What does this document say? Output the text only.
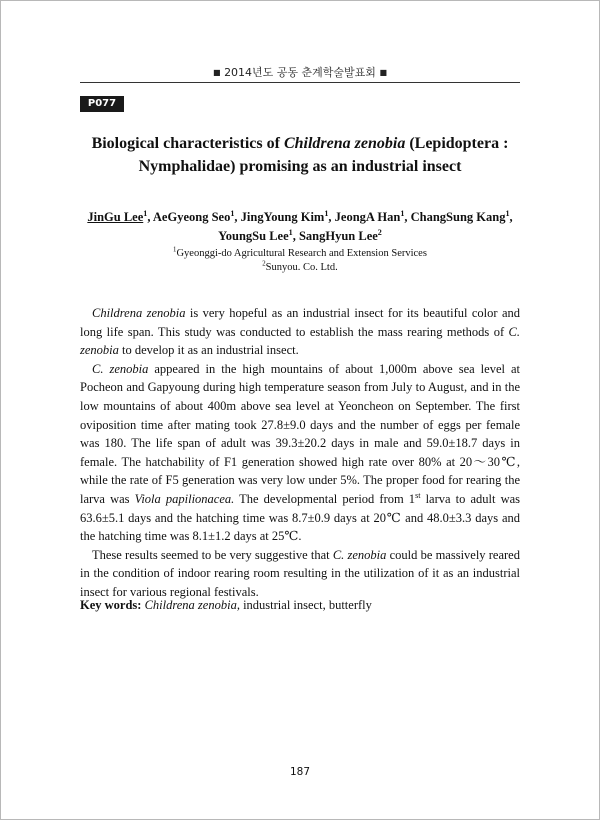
■ 2014년도 공동 춘계학술발표회 ■
P077
Biological characteristics of Childrena zenobia (Lepidoptera : Nymphalidae) promising as an industrial insect
JinGu Lee$^1$, AeGyeong Seo$^1$, JingYoung Kim$^1$, JeongA Han$^1$, ChangSung Kang$^1$,
YoungSu Lee$^1$, SangHyun Lee$^2$
$^1$Gyeonggi-do Agricultural Research and Extension Services
$^2$Sunyou. Co. Ltd.

Childrena zenobia is very hopeful as an industrial insect for its beautiful color and long life span. This study was conducted to establish the mass rearing methods of C. zenobia to develop it as an industrial insect.

C. zenobia appeared in the high mountains of about 1,000m above sea level at Pocheon and Gapyoung during high temperature season from July to August, and in the low mountains of about 400m above sea level at Yeoncheon on September. The first oviposition time after mating took 27.8±9.0 days and the number of eggs per female was 180. The life span of adult was 39.3±20.2 days in male and 59.0±18.7 days in female. The hatchability of F1 generation showed high rate over 80% at 20～30℃, while the rate of F5 generation was very low under 5%. The proper food for rearing the larva was Viola papilionacea. The developmental period from 1st larva to adult was 63.6±5.1 days and the hatching time was 8.7±0.9 days at 20℃ and 48.0±3.3 days and the hatching time was 8.1±1.2 days at 25℃.

These results seemed to be very suggestive that C. zenobia could be massively reared in the condition of indoor rearing room resulting in the utilization of it as an industrial insect for various regional festivals.

Key words: Childrena zenobia, industrial insect, butterfly
187
